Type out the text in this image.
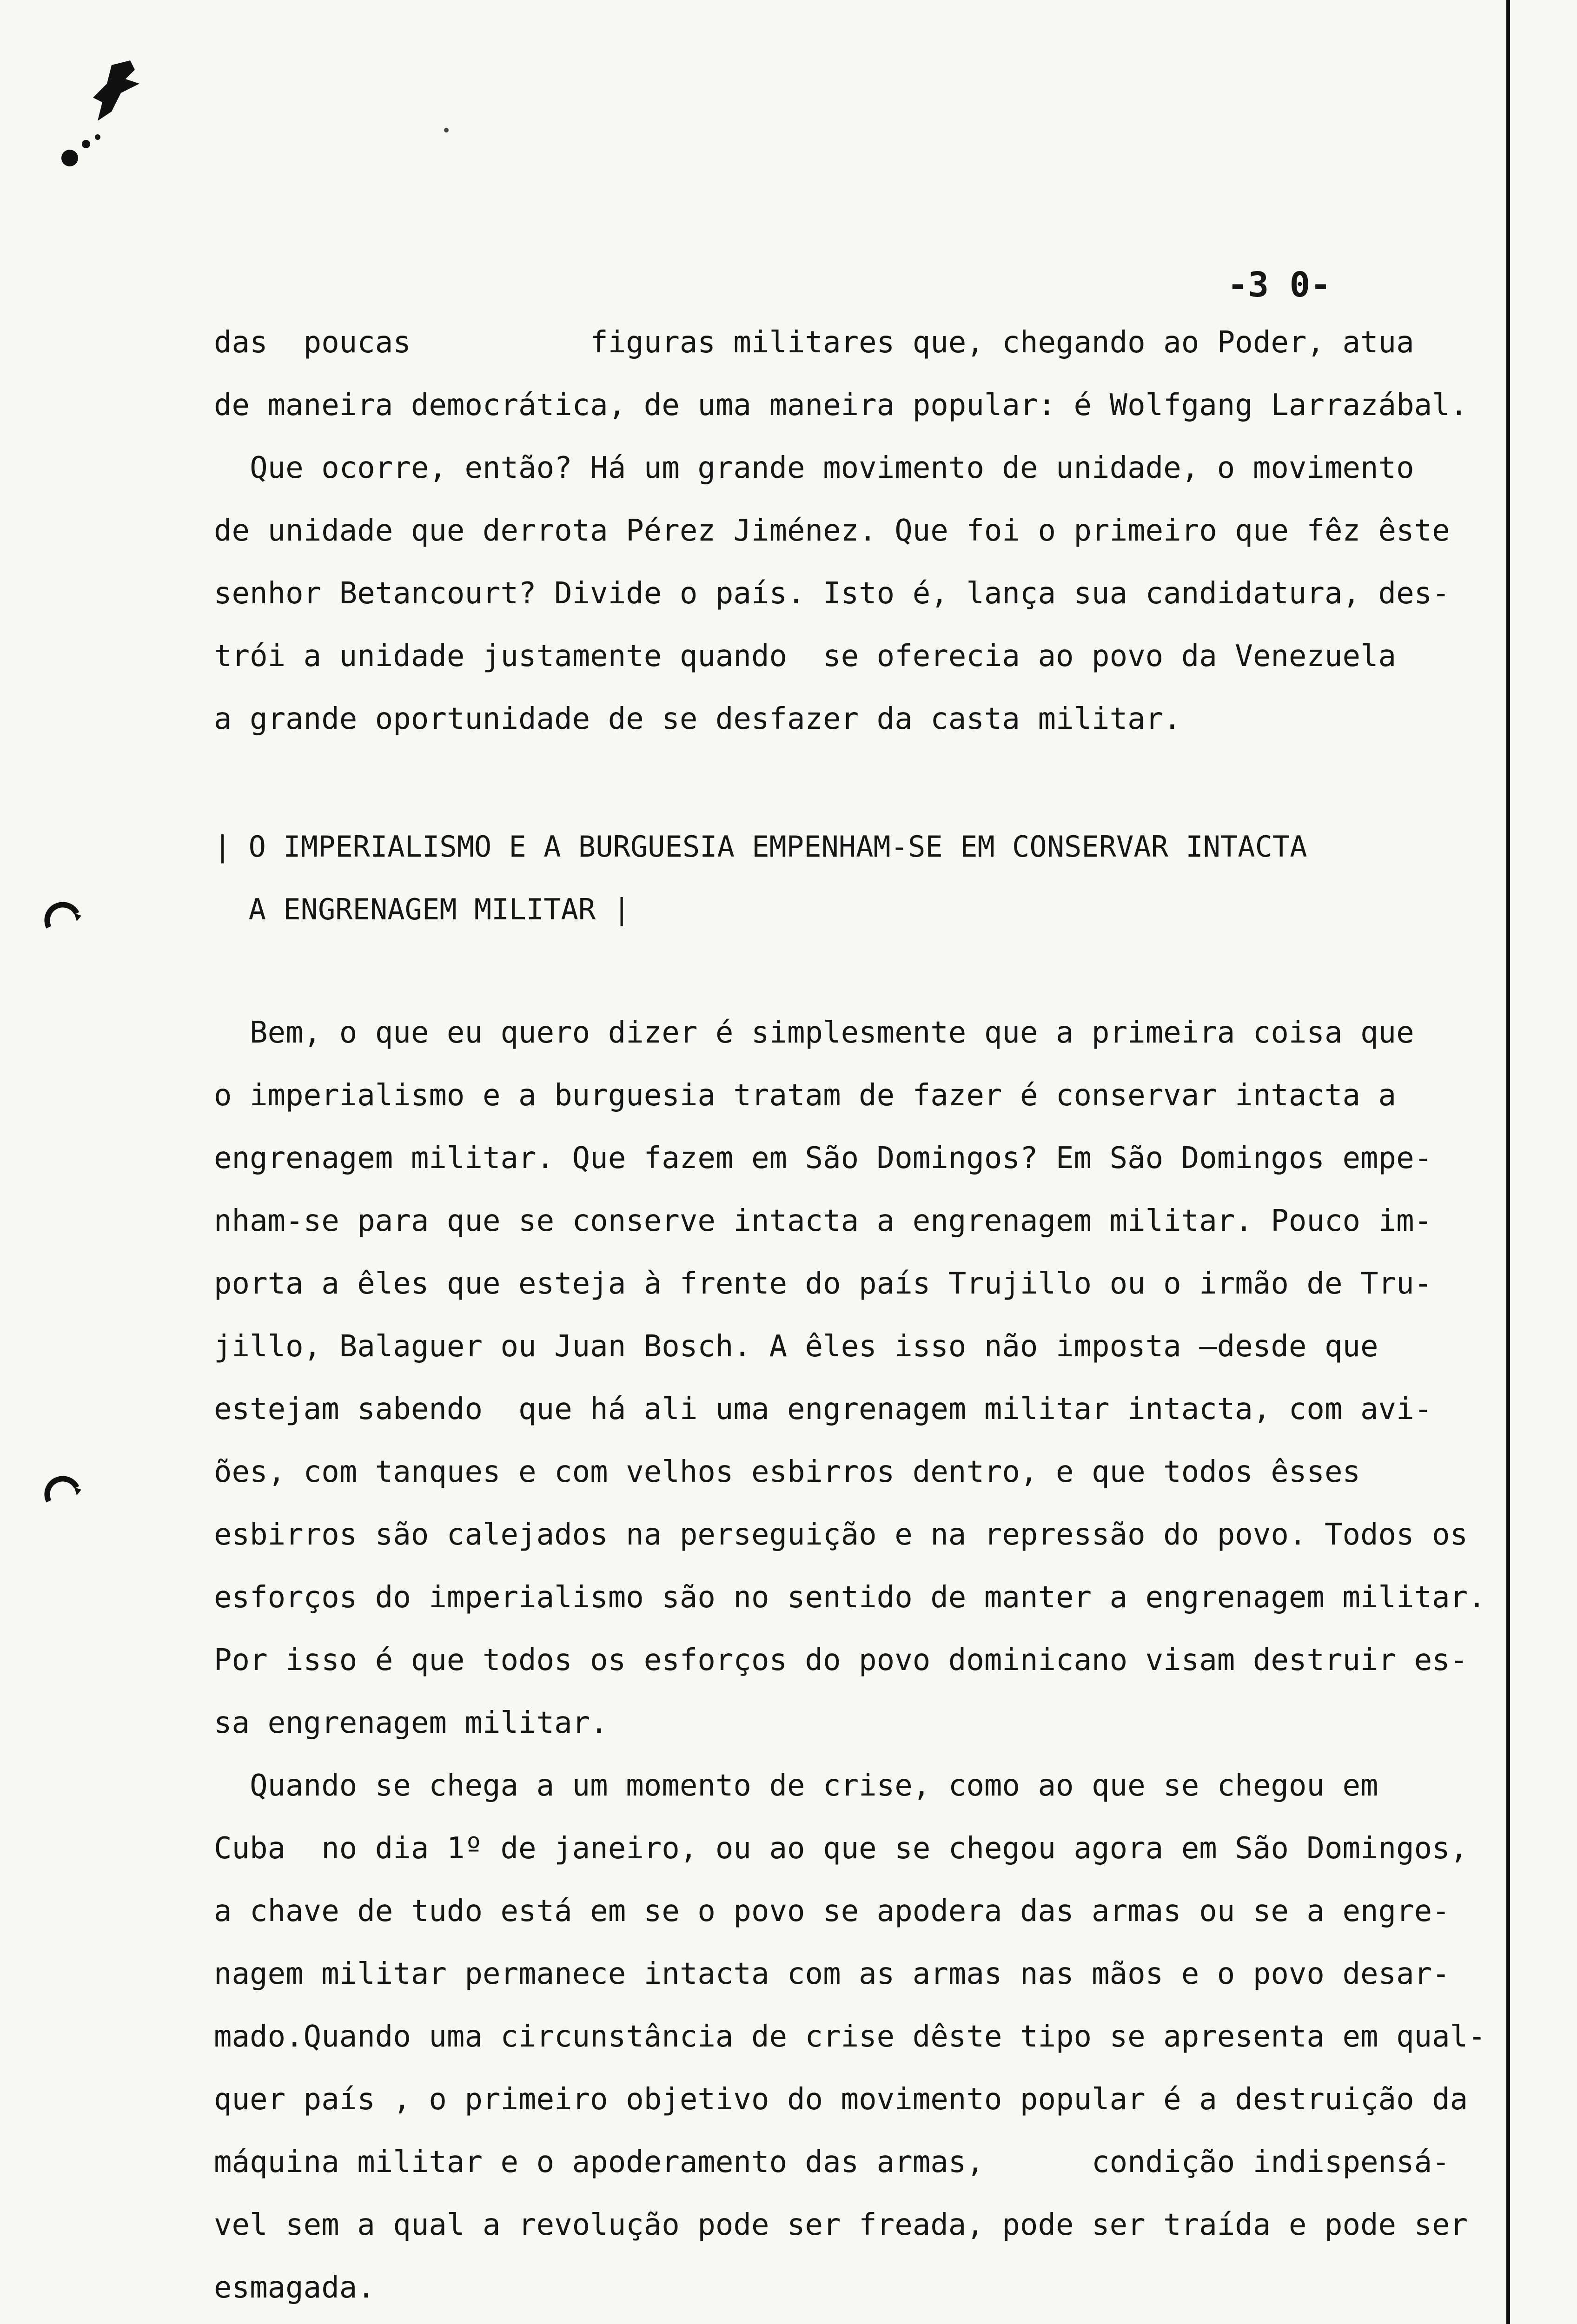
-3 0-
das  poucas          figuras militares que, chegando ao Poder, atua
de maneira democrática, de uma maneira popular: é Wolfgang Larrazábal.
Que ocorre, então? Há um grande movimento de unidade, o movimento
de unidade que derrota Pérez Jiménez. Que foi o primeiro que fêz êste
senhor Betancourt? Divide o país. Isto é, lança sua candidatura, des-
trói a unidade justamente quando  se oferecia ao povo da Venezuela
a grande oportunidade de se desfazer da casta militar.
| O IMPERIALISMO E A BURGUESIA EMPENHAM-SE EM CONSERVAR INTACTA
A ENGRENAGEM MILITAR |
Bem, o que eu quero dizer é simplesmente que a primeira coisa que
o imperialismo e a burguesia tratam de fazer é conservar intacta a
engrenagem militar. Que fazem em São Domingos? Em São Domingos empe-
nham-se para que se conserve intacta a engrenagem militar. Pouco im-
porta a êles que esteja à frente do país Trujillo ou o irmão de Tru-
jillo, Balaguer ou Juan Bosch. A êles isso não imposta —desde que
estejam sabendo  que há ali uma engrenagem militar intacta, com avi-
ões, com tanques e com velhos esbirros dentro, e que todos êsses
esbirros são calejados na perseguição e na repressão do povo. Todos os
esforços do imperialismo são no sentido de manter a engrenagem militar.
Por isso é que todos os esforços do povo dominicano visam destruir es-
sa engrenagem militar.
Quando se chega a um momento de crise, como ao que se chegou em
Cuba  no dia 1º de janeiro, ou ao que se chegou agora em São Domingos,
a chave de tudo está em se o povo se apodera das armas ou se a engre-
nagem militar permanece intacta com as armas nas mãos e o povo desar-
mado.Quando uma circunstância de crise dêste tipo se apresenta em qual-
quer país , o primeiro objetivo do movimento popular é a destruição da
máquina militar e o apoderamento das armas,      condição indispensá-
vel sem a qual a revolução pode ser freada, pode ser traída e pode ser
esmagada.
